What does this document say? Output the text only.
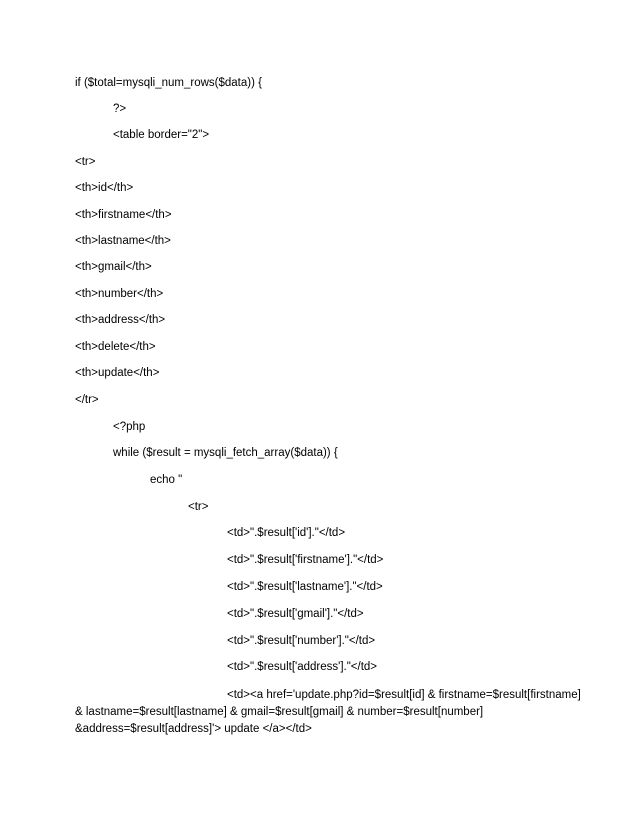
if ($total=mysqli_num_rows($data)) {
?>
<table border="2">
<tr>
<th>id</th>
<th>firstname</th>
<th>lastname</th>
<th>gmail</th>
<th>number</th>
<th>address</th>
<th>delete</th>
<th>update</th>
</tr>
<?php
while ($result = mysqli_fetch_array($data)) {
echo "
<tr>
<td>".$result['id']."</td>
<td>".$result['firstname']."</td>
<td>".$result['lastname']."</td>
<td>".$result['gmail']."</td>
<td>".$result['number']."</td>
<td>".$result['address']."</td>
<td><a href='update.php?id=$result[id] & firstname=$result[firstname]
& lastname=$result[lastname] & gmail=$result[gmail] & number=$result[number]
&address=$result[address]'> update </a></td>
